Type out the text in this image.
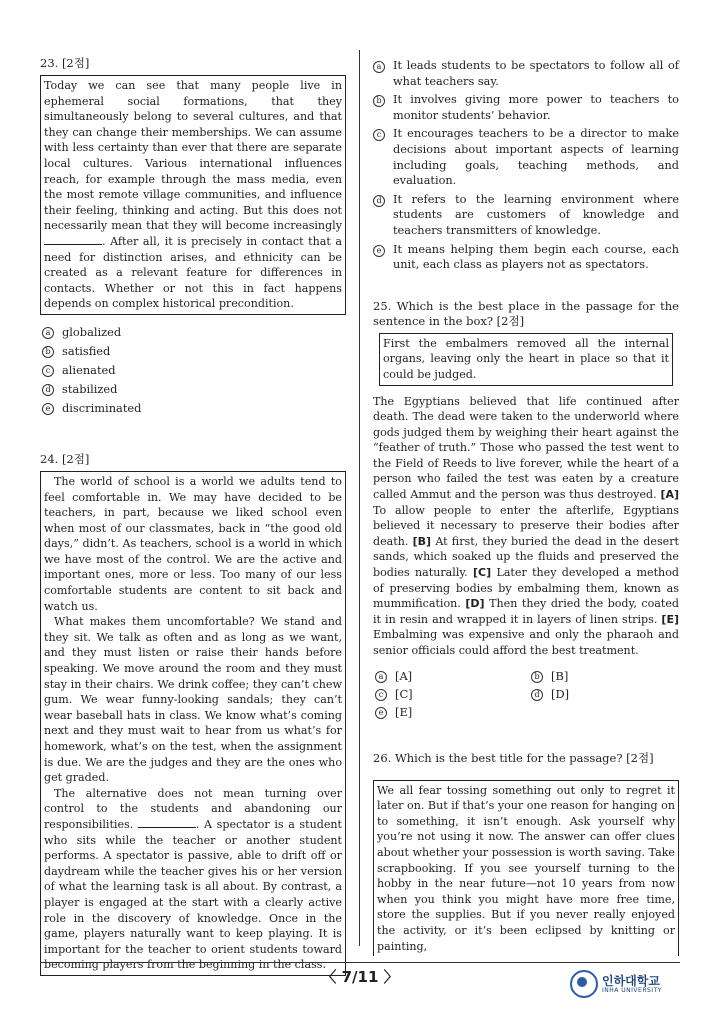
23. [2점]

Today we can see that many people live in ephemeral social formations, that they simultaneously belong to several cultures, and that they can change their memberships. We can assume with less certainty than ever that there are separate local cultures. Various international influences reach, for example through the mass media, even the most remote village communities, and influence their feeling, thinking and acting. But this does not necessarily mean that they will become increasingly . After all, it is precisely in contact that a need for distinction arises, and ethnicity can be created as a relevant feature for differences in contacts. Whether or not this in fact happens depends on complex historical precondition.

a	globalized
b	satisfied
c	alienated
d	stabilized
e	discriminated
24. [2점]

The world of school is a world we adults tend to feel comfortable in. We may have decided to be teachers, in part, because we liked school even when most of our classmates, back in “the good old days,” didn’t. As teachers, school is a world in which we have most of the control. We are the active and important ones, more or less. Too many of our less comfortable students are content to sit back and watch us.

What makes them uncomfortable? We stand and they sit. We talk as often and as long as we want, and they must listen or raise their hands before speaking. We move around the room and they must stay in their chairs. We drink coffee; they can’t chew gum. We wear funny-looking sandals; they can’t wear baseball hats in class. We know what’s coming next and they must wait to hear from us what’s for homework, what’s on the test, when the assignment is due. We are the judges and they are the ones who get graded.

The alternative does not mean turning over control to the students and abandoning our responsibilities.	. A spectator is a student who sits while the teacher or another student performs. A spectator is passive, able to drift off or daydream while the teacher gives his or her version of what the learning task is all about. By contrast, a player is engaged at the start with a clearly active role in the discovery of knowledge. Once in the game, players naturally want to keep playing. It is important for the teacher to orient students toward becoming players from the beginning in the class.

a	It leads students to be spectators to follow all of what teachers say.
b	It involves giving more power to teachers to monitor students’ behavior.
c	It encourages teachers to be a director to make decisions about important aspects of learning including goals, teaching methods, and evaluation.
d	It refers to the learning environment where students are customers of knowledge and teachers transmitters of knowledge.
e	It means helping them begin each course, each unit, each class as players not as spectators.
25. Which is the best place in the passage for the sentence in the box? [2점]
First the embalmers removed all the internal organs, leaving only the heart in place so that it could be judged.
The Egyptians believed that life continued after death. The dead were taken to the underworld where gods judged them by weighing their heart against the “feather of truth.” Those who passed the test went to the Field of Reeds to live forever, while the heart of a person who failed the test was eaten by a creature called Ammut and the person was thus destroyed. [A] To allow people to enter the afterlife, Egyptians believed it necessary to preserve their bodies after death. [B] At first, they buried the dead in the desert sands, which soaked up the fluids and preserved the bodies naturally. [C] Later they developed a method of preserving bodies by embalming them, known as mummification. [D] Then they dried the body, coated it in resin and wrapped it in layers of linen strips. [E] Embalming was expensive and only the pharaoh and senior officials could afford the best treatment.
a	[A]	b	[B]
c	[C]	d	[D]
e	[E]
26. Which is the best title for the passage? [2점]
We all fear tossing something out only to regret it later on. But if that’s your one reason for hanging on to something, it isn’t enough. Ask yourself why you’re not using it now. The answer can offer clues about whether your possession is worth saving. Take scrapbooking. If you see yourself turning to the hobby in the near future—not 10 years from now when you think you might have more free time, store the supplies. But if you never really enjoyed the activity, or it’s been eclipsed by knitting or painting,
〈 7/11 〉	인하대학교
INHA UNIVERSITY
